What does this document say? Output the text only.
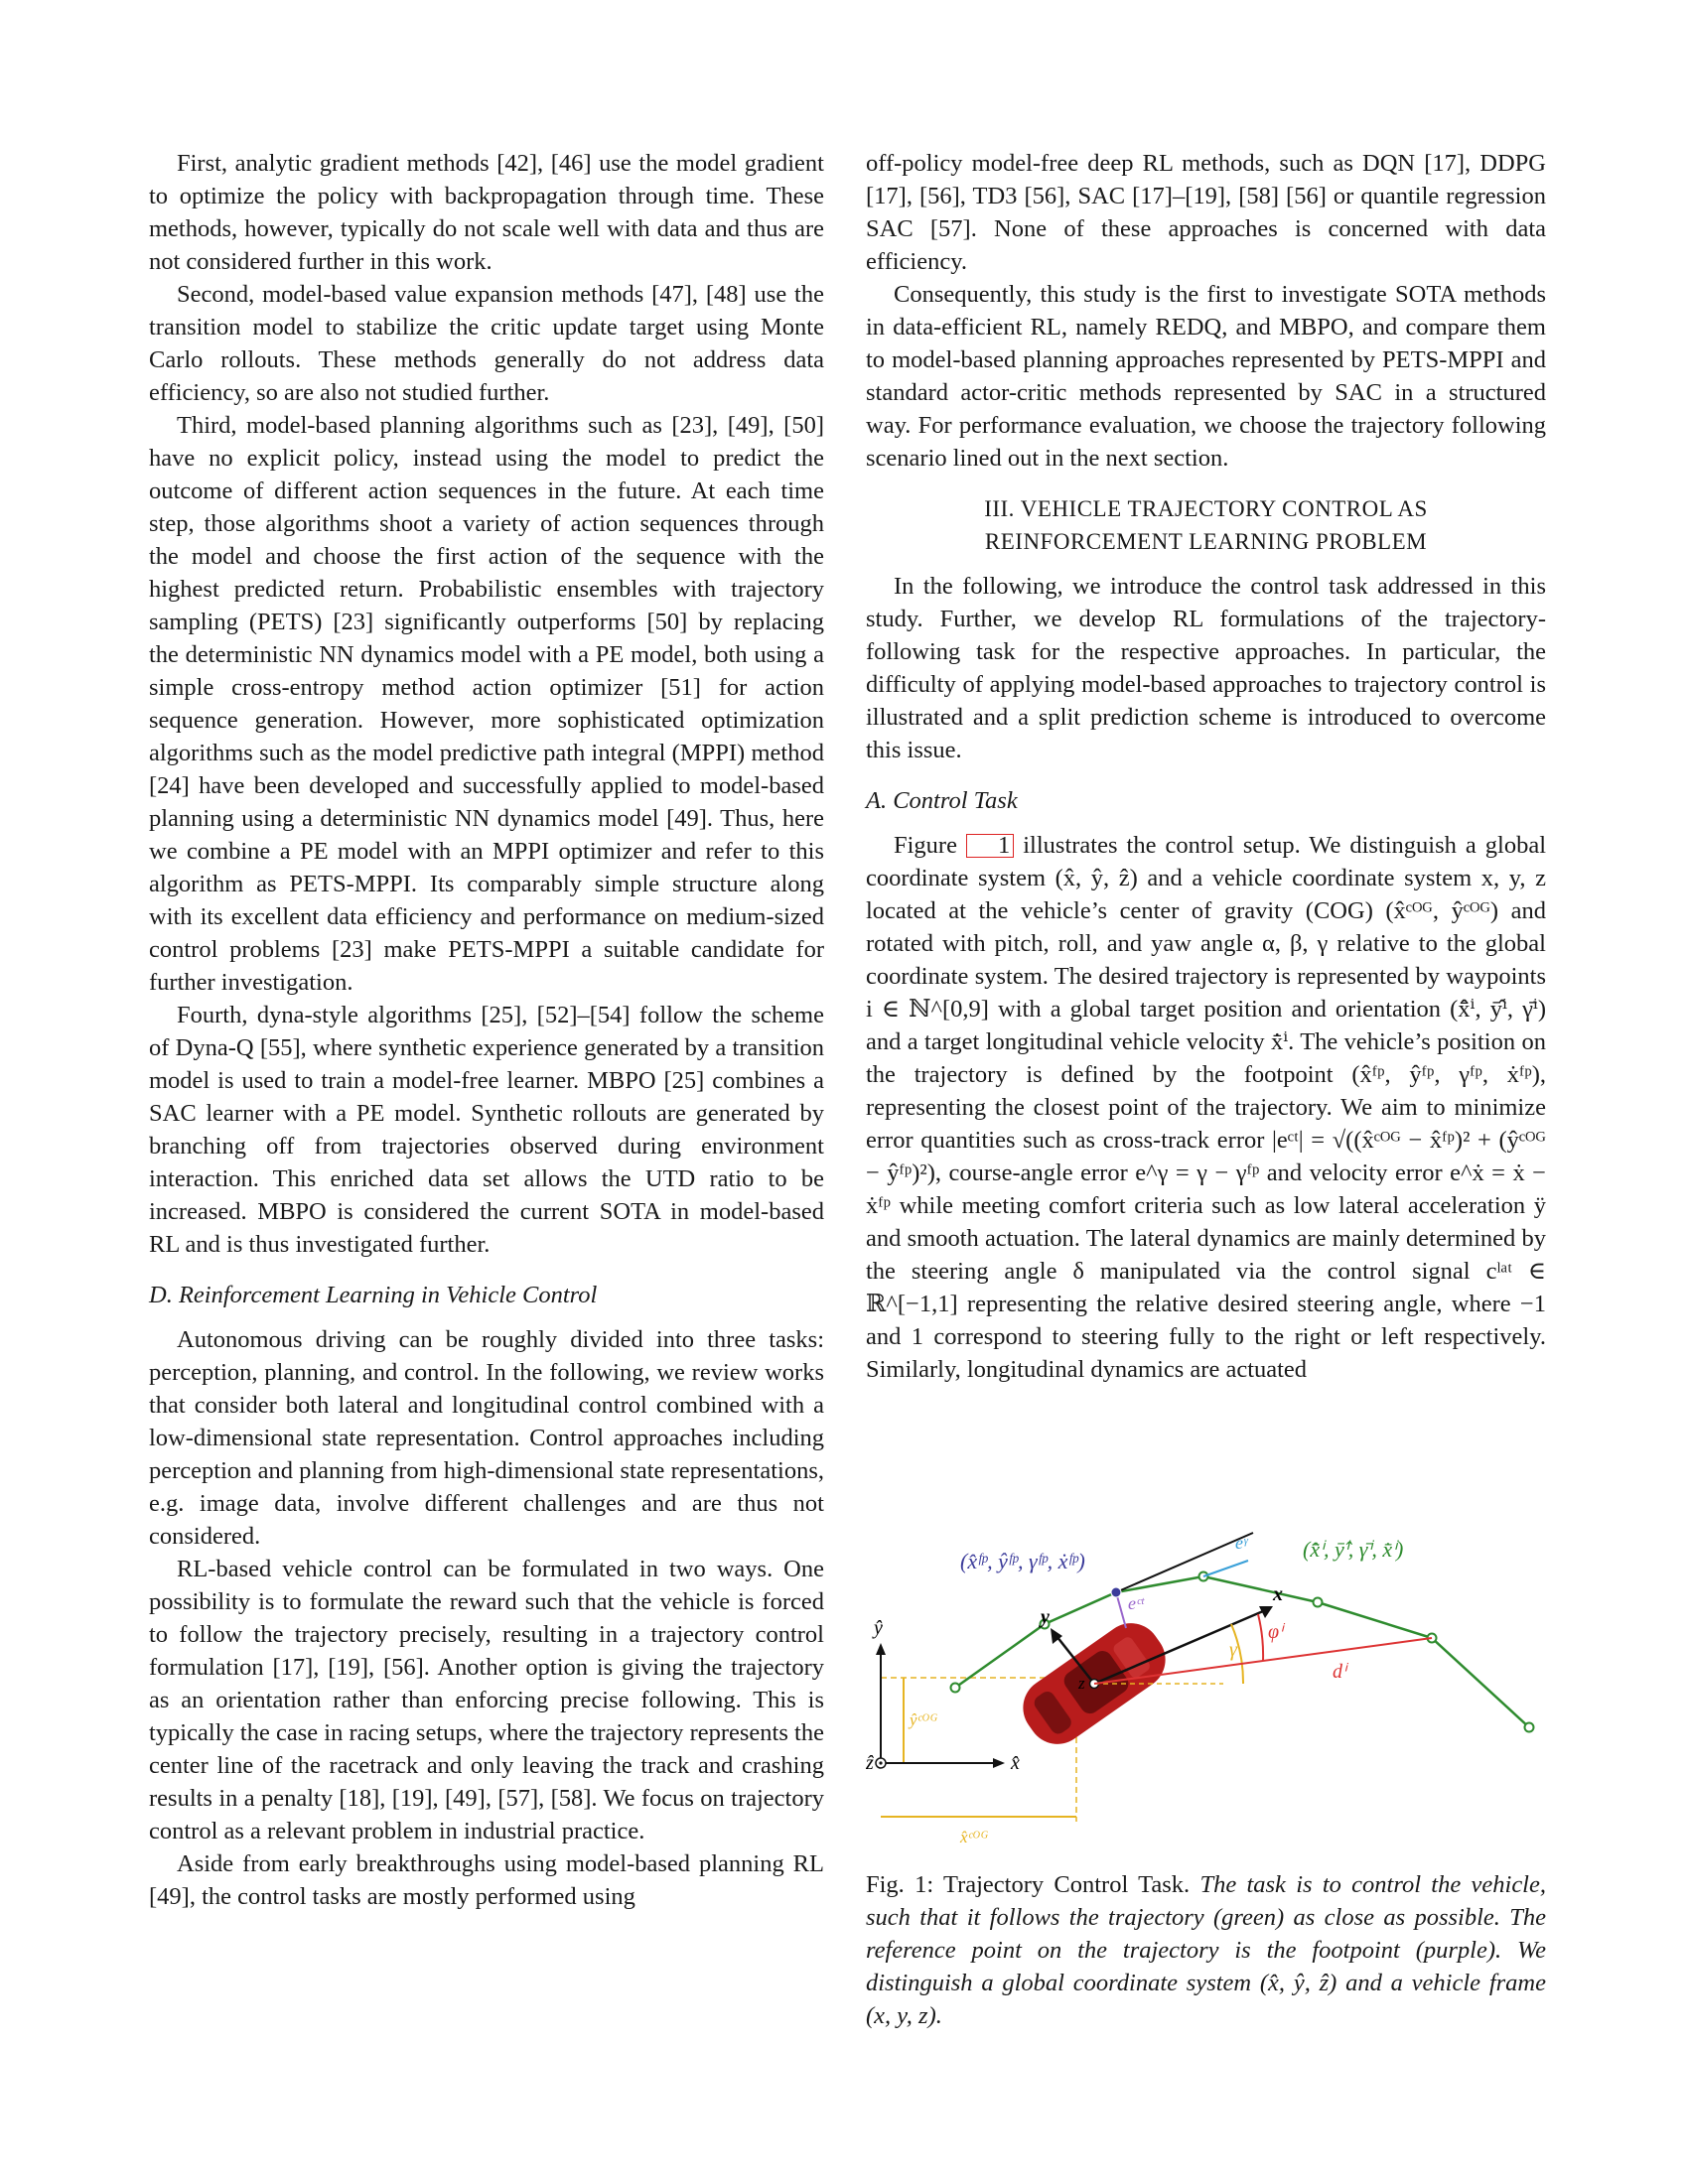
First, analytic gradient methods [42], [46] use the model gradient to optimize the policy with backpropagation through time. These methods, however, typically do not scale well with data and thus are not considered further in this work.

Second, model-based value expansion methods [47], [48] use the transition model to stabilize the critic update target using Monte Carlo rollouts. These methods generally do not address data efficiency, so are also not studied further.

Third, model-based planning algorithms such as [23], [49], [50] have no explicit policy, instead using the model to predict the outcome of different action sequences in the future. At each time step, those algorithms shoot a variety of action sequences through the model and choose the first action of the sequence with the highest predicted return. Probabilistic ensembles with trajectory sampling (PETS) [23] significantly outperforms [50] by replacing the deterministic NN dynamics model with a PE model, both using a simple cross-entropy method action optimizer [51] for action sequence generation. However, more sophisticated optimization algorithms such as the model predictive path integral (MPPI) method [24] have been developed and successfully applied to model-based planning using a deterministic NN dynamics model [49]. Thus, here we combine a PE model with an MPPI optimizer and refer to this algorithm as PETS-MPPI. Its comparably simple structure along with its excellent data efficiency and performance on medium-sized control problems [23] make PETS-MPPI a suitable candidate for further investigation.

Fourth, dyna-style algorithms [25], [52]–[54] follow the scheme of Dyna-Q [55], where synthetic experience generated by a transition model is used to train a model-free learner. MBPO [25] combines a SAC learner with a PE model. Synthetic rollouts are generated by branching off from trajectories observed during environment interaction. This enriched data set allows the UTD ratio to be increased. MBPO is considered the current SOTA in model-based RL and is thus investigated further.

D. Reinforcement Learning in Vehicle Control

Autonomous driving can be roughly divided into three tasks: perception, planning, and control. In the following, we review works that consider both lateral and longitudinal control combined with a low-dimensional state representation. Control approaches including perception and planning from high-dimensional state representations, e.g. image data, involve different challenges and are thus not considered.

RL-based vehicle control can be formulated in two ways. One possibility is to formulate the reward such that the vehicle is forced to follow the trajectory precisely, resulting in a trajectory control formulation [17], [19], [56]. Another option is giving the trajectory as an orientation rather than enforcing precise following. This is typically the case in racing setups, where the trajectory represents the center line of the racetrack and only leaving the track and crashing results in a penalty [18], [19], [49], [57], [58]. We focus on trajectory control as a relevant problem in industrial practice.

Aside from early breakthroughs using model-based planning RL [49], the control tasks are mostly performed using

off-policy model-free deep RL methods, such as DQN [17], DDPG [17], [56], TD3 [56], SAC [17]–[19], [58] [56] or quantile regression SAC [57]. None of these approaches is concerned with data efficiency.

Consequently, this study is the first to investigate SOTA methods in data-efficient RL, namely REDQ, and MBPO, and compare them to model-based planning approaches represented by PETS-MPPI and standard actor-critic methods represented by SAC in a structured way. For performance evaluation, we choose the trajectory following scenario lined out in the next section.

III. VEHICLE TRAJECTORY CONTROL AS
REINFORCEMENT LEARNING PROBLEM

In the following, we introduce the control task addressed in this study. Further, we develop RL formulations of the trajectory-following task for the respective approaches. In particular, the difficulty of applying model-based approaches to trajectory control is illustrated and a split prediction scheme is introduced to overcome this issue.

A. Control Task

Figure 1 illustrates the control setup. We distinguish a global coordinate system (x̂, ŷ, ẑ) and a vehicle coordinate system x, y, z located at the vehicle’s center of gravity (COG) (x̂ᶜᴼᴳ, ŷᶜᴼᴳ) and rotated with pitch, roll, and yaw angle α, β, γ relative to the global coordinate system. The desired trajectory is represented by waypoints i ∈ ℕ^[0,9] with a global target position and orientation (x̄̂ⁱ, ȳ̂ⁱ, γ̄ⁱ) and a target longitudinal vehicle velocity x̄̇ⁱ. The vehicle’s position on the trajectory is defined by the footpoint (x̂ᶠᵖ, ŷᶠᵖ, γᶠᵖ, ẋᶠᵖ), representing the closest point of the trajectory. We aim to minimize error quantities such as cross-track error |eᶜᵗ| = √((x̂ᶜᴼᴳ − x̂ᶠᵖ)² + (ŷᶜᴼᴳ − ŷᶠᵖ)²), course-angle error e^γ = γ − γᶠᵖ and velocity error e^ẋ = ẋ − ẋᶠᵖ while meeting comfort criteria such as low lateral acceleration ÿ and smooth actuation. The lateral dynamics are mainly determined by the steering angle δ manipulated via the control signal cˡᵃᵗ ∈ ℝ^[−1,1] representing the relative desired steering angle, where −1 and 1 correspond to steering fully to the right or left respectively. Similarly, longitudinal dynamics are actuated

ŷᶜᴼᴳ
x̂ᶜᴼᴳ
ŷ
x̂
ẑ
eᵞ
eᶜᵗ
y
x
z
γ
dⁱ
φⁱ
(x̂ᶠᵖ, ŷᶠᵖ, γᶠᵖ, ẋᶠᵖ)	(x̄̂ⁱ, ȳ̂ⁱ, γ̄ⁱ, x̄̇ⁱ)
Fig. 1: Trajectory Control Task. The task is to control the vehicle, such that it follows the trajectory (green) as close as possible. The reference point on the trajectory is the footpoint (purple). We distinguish a global coordinate system (x̂, ŷ, ẑ) and a vehicle frame (x, y, z).
